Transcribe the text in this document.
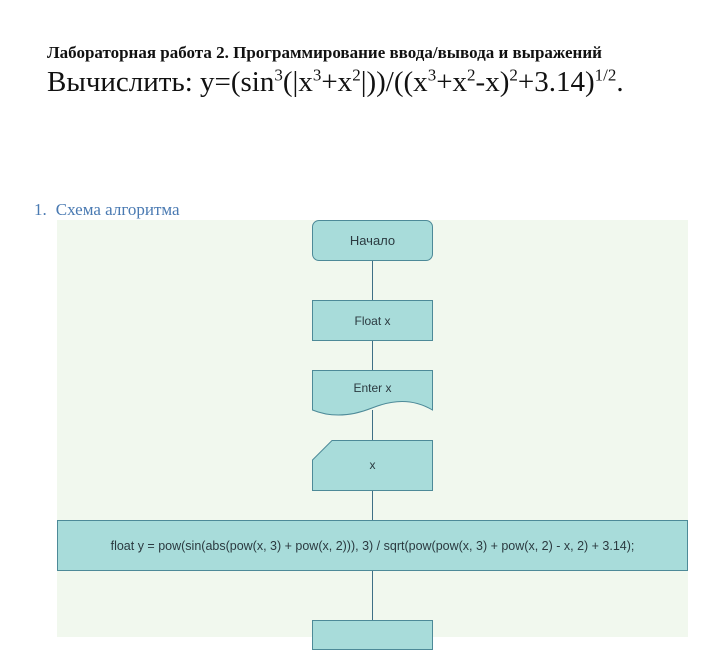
Лабораторная работа 2. Программирование ввода/вывода и выражений
Вычислить: $y=(\sin^3(|x^3+x^2|))/((x^3+x^2-x)^2+3.14)^{1/2}$.
1. Схема алгоритма
Начало
Float x
Enter x
x
float y = pow(sin(abs(pow(x, 3) + pow(x, 2))), 3) / sqrt(pow(pow(x, 3) + pow(x, 2) - x, 2) + 3.14);
